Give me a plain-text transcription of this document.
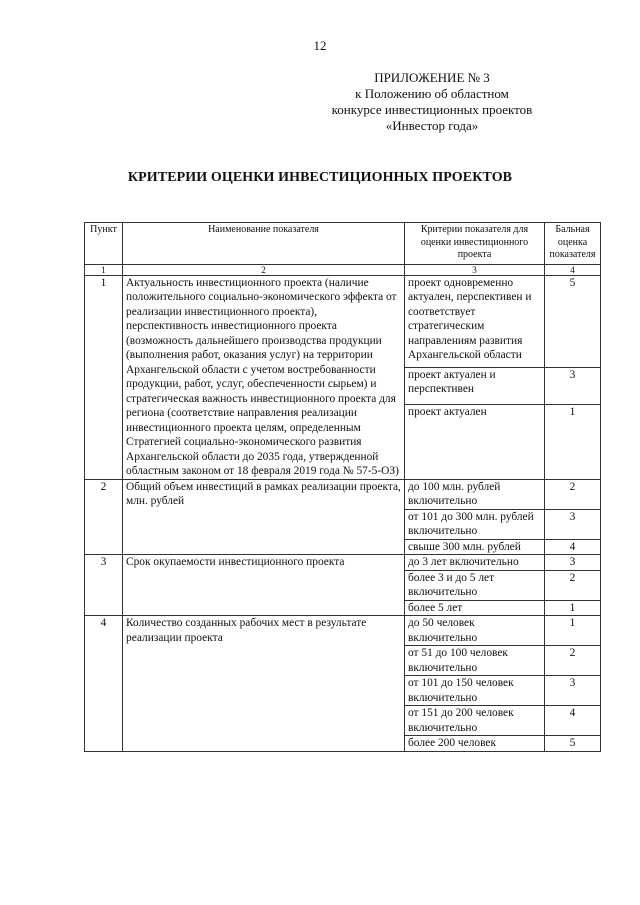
12
ПРИЛОЖЕНИЕ № 3
к Положению об областном
конкурсе инвестиционных проектов
«Инвестор года»
КРИТЕРИИ ОЦЕНКИ ИНВЕСТИЦИОННЫХ ПРОЕКТОВ
Пункт	Наименование показателя	Критерии показателя для оценки инвестиционного проекта	Бальная оценка показателя
1	2	3	4
1	Актуальность инвестиционного проекта (наличие положительного социально-экономического эффекта от реализации инвестиционного проекта), перспективность инвестиционного проекта (возможность дальнейшего производства продукции (выполнения работ, оказания услуг) на территории Архангельской области с учетом востребованности продукции, работ, услуг, обеспеченности сырьем) и стратегическая важность инвестиционного проекта для региона (соответствие направления реализации инвестиционного проекта целям, определенным Стратегией социально-экономического развития Архангельской области до 2035 года, утвержденной областным законом от 18 февраля 2019 года № 57-5-ОЗ)	проект одновременно актуален, перспективен и соответствует стратегическим направлениям развития Архангельской области	5
		проект актуален и перспективен	3
		проект актуален	1
2	Общий объем инвестиций в рамках реализации проекта, млн. рублей	до 100 млн. рублей включительно	2
		от 101 до 300 млн. рублей включительно	3
		свыше 300 млн. рублей	4
3	Срок окупаемости инвестиционного проекта	до 3 лет включительно	3
		более 3 и до 5 лет включительно	2
		более 5 лет	1
4	Количество созданных рабочих мест в результате реализации проекта	до 50 человек включительно	1
		от 51 до 100 человек включительно	2
		от 101 до 150 человек включительно	3
		от 151 до 200 человек включительно	4
		более 200 человек	5
